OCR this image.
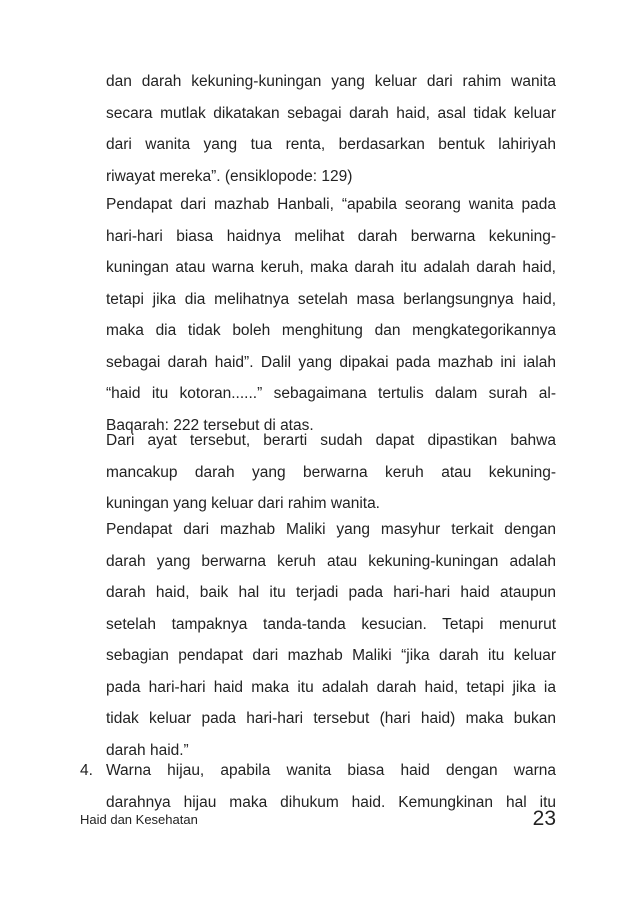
dan darah kekuning-kuningan yang keluar dari rahim wanita
secara mutlak dikatakan sebagai darah haid, asal tidak keluar
dari wanita yang tua renta, berdasarkan bentuk lahiriyah
riwayat mereka”. (ensiklopode: 129)
Pendapat dari mazhab Hanbali, “apabila seorang wanita pada
hari-hari biasa haidnya melihat darah berwarna kekuning-
kuningan atau warna keruh, maka darah itu adalah darah haid,
tetapi jika dia melihatnya setelah masa berlangsungnya haid,
maka dia tidak boleh menghitung dan mengkategorikannya
sebagai darah haid”. Dalil yang dipakai pada mazhab ini ialah
“haid itu kotoran......” sebagaimana tertulis dalam surah al-
Baqarah: 222 tersebut di atas.
Dari ayat tersebut, berarti sudah dapat dipastikan bahwa
mancakup darah yang berwarna keruh atau kekuning-
kuningan yang keluar dari rahim wanita.
Pendapat dari mazhab Maliki yang masyhur terkait dengan
darah yang berwarna keruh atau kekuning-kuningan adalah
darah haid, baik hal itu terjadi pada hari-hari haid ataupun
setelah tampaknya tanda-tanda kesucian. Tetapi menurut
sebagian pendapat dari mazhab Maliki “jika darah itu keluar
pada hari-hari haid maka itu adalah darah haid, tetapi jika ia
tidak keluar pada hari-hari tersebut (hari haid) maka bukan
darah haid.”
4. Warna hijau, apabila wanita biasa haid dengan warna
darahnya hijau maka dihukum haid. Kemungkinan hal itu
Haid dan Kesehatan	23
